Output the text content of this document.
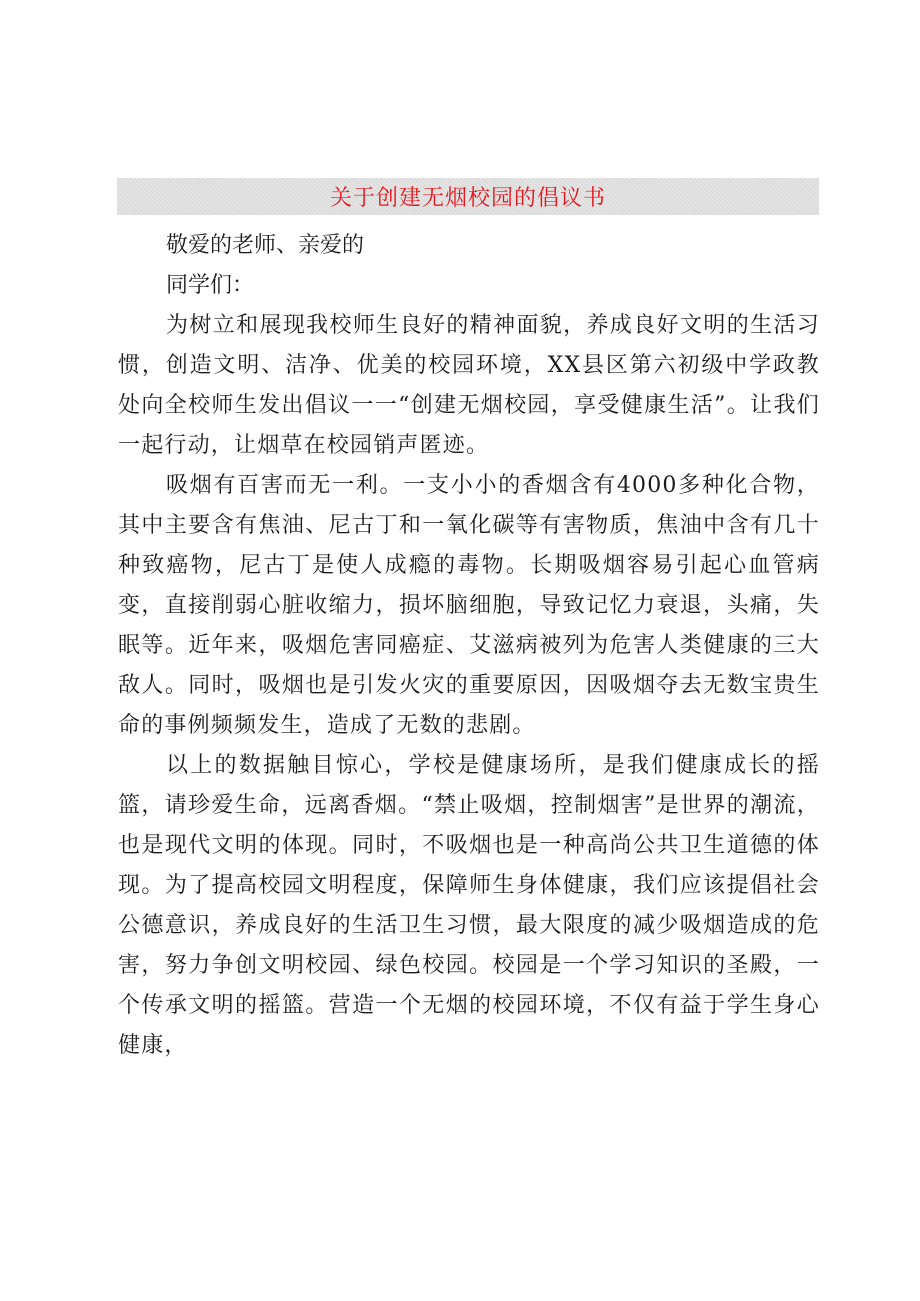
关于创建无烟校园的倡议书

敬爱的老师、亲爱的

同学们：

为树立和展现我校师生良好的精神面貌，养成良好文明的生活习惯，创造文明、洁净、优美的校园环境，XX县区第六初级中学政教处向全校师生发出倡议一一“创建无烟校园，享受健康生活”。让我们一起行动，让烟草在校园销声匿迹。

吸烟有百害而无一利。一支小小的香烟含有4000多种化合物，其中主要含有焦油、尼古丁和一氧化碳等有害物质，焦油中含有几十种致癌物，尼古丁是使人成瘾的毒物。长期吸烟容易引起心血管病变，直接削弱心脏收缩力，损坏脑细胞，导致记忆力衰退，头痛，失眠等。近年来，吸烟危害同癌症、艾滋病被列为危害人类健康的三大敌人。同时，吸烟也是引发火灾的重要原因，因吸烟夺去无数宝贵生命的事例频频发生，造成了无数的悲剧。

以上的数据触目惊心，学校是健康场所，是我们健康成长的摇篮，请珍爱生命，远离香烟。“禁止吸烟，控制烟害”是世界的潮流，也是现代文明的体现。同时，不吸烟也是一种高尚公共卫生道德的体现。为了提高校园文明程度，保障师生身体健康，我们应该提倡社会公德意识，养成良好的生活卫生习惯，最大限度的减少吸烟造成的危害，努力争创文明校园、绿色校园。校园是一个学习知识的圣殿，一个传承文明的摇篮。营造一个无烟的校园环境，不仅有益于学生身心健康，
